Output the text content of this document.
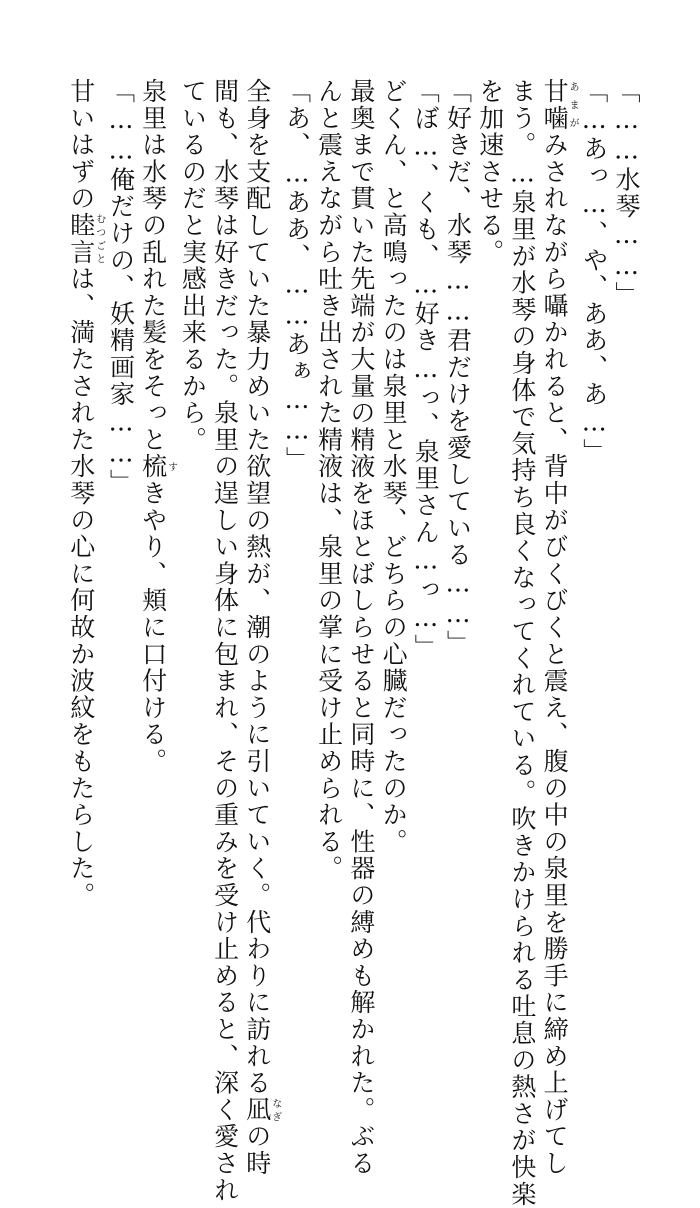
「……水琴……」

「…あっ…、や、ああ、あ…」

甘噛あまがみされながら囁かれると、背中がびくびくと震え、腹の中の泉里を勝手に締め上げてし

まう。…泉里が水琴の身体で気持ち良くなってくれている。吹きかけられる吐息の熱さが快楽

を加速させる。

「好きだ、水琴……君だけを愛している……」

「ぼ…、くも、…好き…っ、泉里さん…っ…」

どくん、と高鳴ったのは泉里と水琴、どちらの心臓だったのか。

最奥まで貫いた先端が大量の精液をほとばしらせると同時に、性器の縛めも解かれた。ぶる

んと震えながら吐き出された精液は、泉里の掌に受け止められる。

「あ、…ああ、……あぁ……」

全身を支配していた暴力めいた欲望の熱が、潮のように引いていく。代わりに訪れる凪なぎの時

間も、水琴は好きだった。泉里の逞しい身体に包まれ、その重みを受け止めると、深く愛され

ているのだと実感出来るから。

泉里は水琴の乱れた髪をそっと梳すきやり、頬に口付ける。

「……俺だけの、妖精画家……」

甘いはずの睦言むつごとは、満たされた水琴の心に何故か波紋をもたらした。
